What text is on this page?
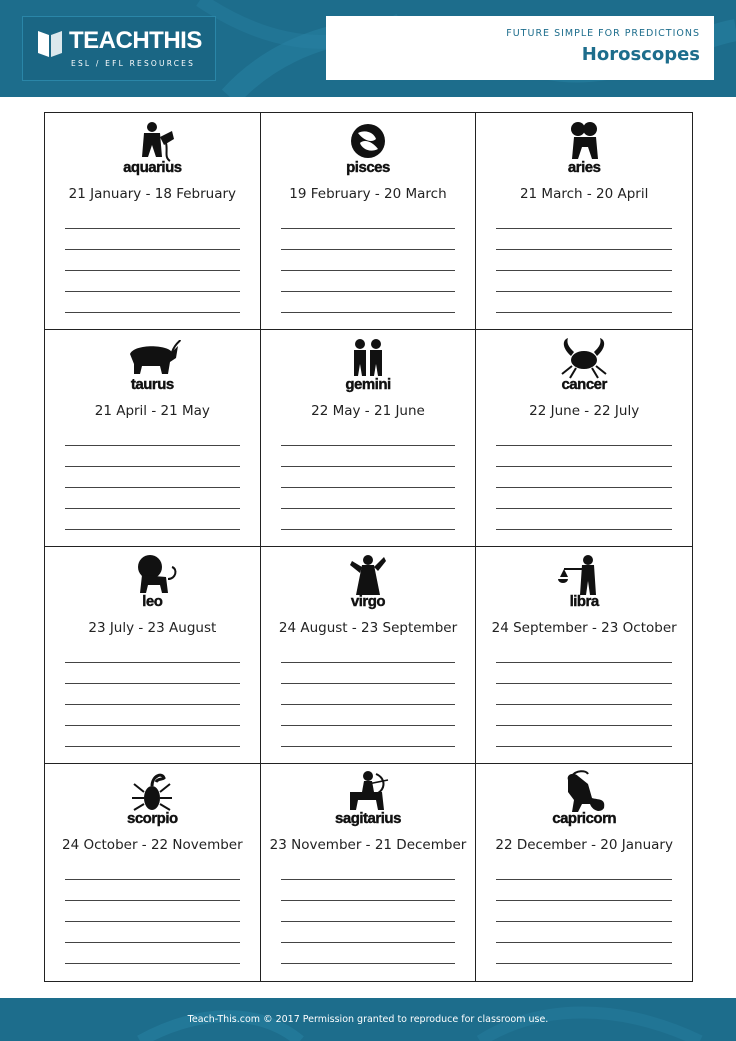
TEACHTHIS
ESL / EFL RESOURCES
FUTURE SIMPLE FOR PREDICTIONS
Horoscopes
aquarius
21 January - 18 February
pisces
19 February - 20 March
aries
21 March - 20 April
taurus
21 April - 21 May
gemini
22 May - 21 June
cancer
22 June - 22 July
leo
23 July - 23 August
virgo
24 August - 23 September
libra
24 September - 23 October
scorpio
24 October - 22 November
sagitarius
23 November - 21 December
capricorn
22 December - 20 January
Teach-This.com © 2017 Permission granted to reproduce for classroom use.
